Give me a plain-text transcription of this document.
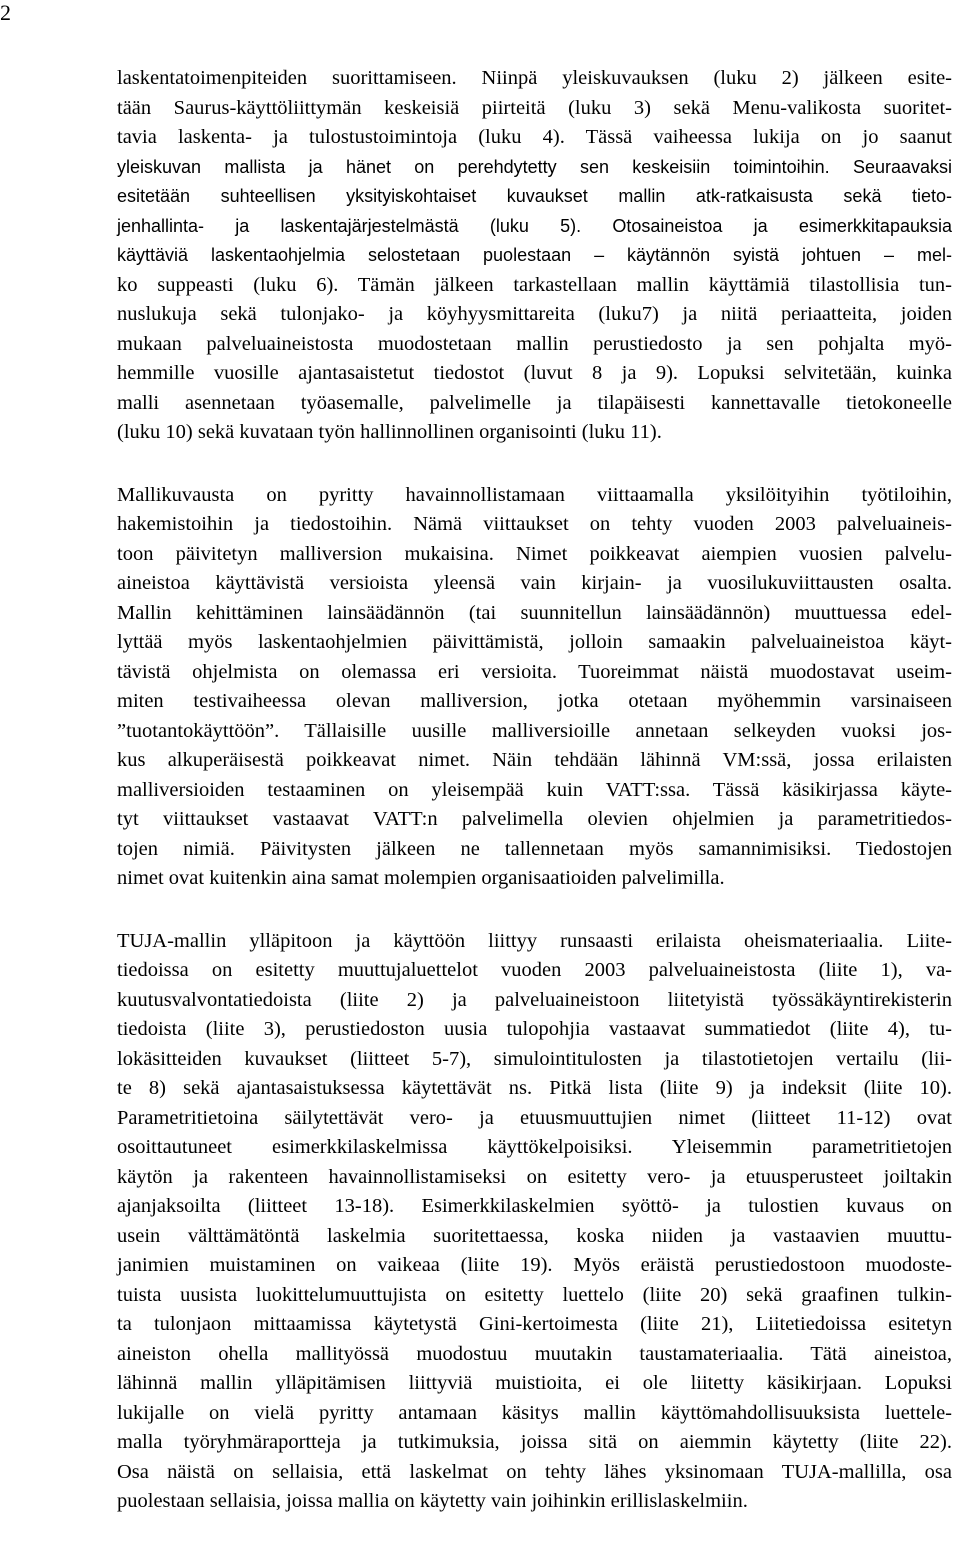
2
laskentatoimenpiteiden suorittamiseen. Niinpä yleiskuvauksen (luku 2) jälkeen esite-
tään Saurus-käyttöliittymän keskeisiä piirteitä (luku 3) sekä Menu-valikosta suoritet-
tavia laskenta- ja tulostustoimintoja (luku 4). Tässä vaiheessa lukija on jo saanut
yleiskuvan mallista ja hänet on perehdytetty sen keskeisiin toimintoihin. Seuraavaksi
esitetään suhteellisen yksityiskohtaiset kuvaukset mallin atk-ratkaisusta sekä tieto-
jenhallinta- ja laskentajärjestelmästä (luku 5). Otosaineistoa ja esimerkkitapauksia
käyttäviä laskentaohjelmia selostetaan puolestaan – käytännön syistä johtuen – mel-
ko suppeasti (luku 6). Tämän jälkeen tarkastellaan mallin käyttämiä tilastollisia tun-
nuslukuja sekä tulonjako- ja köyhyysmittareita (luku7) ja niitä periaatteita, joiden
mukaan palveluaineistosta muodostetaan mallin perustiedosto ja sen pohjalta myö-
hemmille vuosille ajantasaistetut tiedostot (luvut 8 ja 9). Lopuksi selvitetään, kuinka
malli asennetaan työasemalle, palvelimelle ja tilapäisesti kannettavalle tietokoneelle
(luku 10) sekä kuvataan työn hallinnollinen organisointi (luku 11).
Mallikuvausta on pyritty havainnollistamaan viittaamalla yksilöityihin työtiloihin,
hakemistoihin ja tiedostoihin. Nämä viittaukset on tehty vuoden 2003 palveluaineis-
toon päivitetyn malliversion mukaisina. Nimet poikkeavat aiempien vuosien palvelu-
aineistoa käyttävistä versioista yleensä vain kirjain- ja vuosilukuviittausten osalta.
Mallin kehittäminen lainsäädännön (tai suunnitellun lainsäädännön) muuttuessa edel-
lyttää myös laskentaohjelmien päivittämistä, jolloin samaakin palveluaineistoa käyt-
tävistä ohjelmista on olemassa eri versioita. Tuoreimmat näistä muodostavat useim-
miten testivaiheessa olevan malliversion, jotka otetaan myöhemmin varsinaiseen
”tuotantokäyttöön”. Tällaisille uusille malliversioille annetaan selkeyden vuoksi jos-
kus alkuperäisestä poikkeavat nimet. Näin tehdään lähinnä VM:ssä, jossa erilaisten
malliversioiden testaaminen on yleisempää kuin VATT:ssa. Tässä käsikirjassa käyte-
tyt viittaukset vastaavat VATT:n palvelimella olevien ohjelmien ja parametritiedos-
tojen nimiä. Päivitysten jälkeen ne tallennetaan myös samannimisiksi. Tiedostojen
nimet ovat kuitenkin aina samat molempien organisaatioiden palvelimilla.
TUJA-mallin ylläpitoon ja käyttöön liittyy runsaasti erilaista oheismateriaalia. Liite-
tiedoissa on esitetty muuttujaluettelot vuoden 2003 palveluaineistosta (liite 1), va-
kuutusvalvontatiedoista (liite 2) ja palveluaineistoon liitetyistä työssäkäyntirekisterin
tiedoista (liite 3), perustiedoston uusia tulopohjia vastaavat summatiedot (liite 4), tu-
lokäsitteiden kuvaukset (liitteet 5-7), simulointitulosten ja tilastotietojen vertailu (lii-
te 8) sekä ajantasaistuksessa käytettävät ns. Pitkä lista (liite 9) ja indeksit (liite 10).
Parametritietoina säilytettävät vero- ja etuusmuuttujien nimet (liitteet 11-12) ovat
osoittautuneet esimerkkilaskelmissa käyttökelpoisiksi. Yleisemmin parametritietojen
käytön ja rakenteen havainnollistamiseksi on esitetty vero- ja etuusperusteet joiltakin
ajanjaksoilta (liitteet 13-18). Esimerkkilaskelmien syöttö- ja tulostien kuvaus on
usein välttämätöntä laskelmia suoritettaessa, koska niiden ja vastaavien muuttu-
janimien muistaminen on vaikeaa (liite 19). Myös eräistä perustiedostoon muodoste-
tuista uusista luokittelumuuttujista on esitetty luettelo (liite 20) sekä graafinen tulkin-
ta tulonjaon mittaamissa käytetystä Gini-kertoimesta (liite 21), Liitetiedoissa esitetyn
aineiston ohella mallityössä muodostuu muutakin taustamateriaalia. Tätä aineistoa,
lähinnä mallin ylläpitämisen liittyviä muistioita, ei ole liitetty käsikirjaan. Lopuksi
lukijalle on vielä pyritty antamaan käsitys mallin käyttömahdollisuuksista luettele-
malla työryhmäraportteja ja tutkimuksia, joissa sitä on aiemmin käytetty (liite 22).
Osa näistä on sellaisia, että laskelmat on tehty lähes yksinomaan TUJA-mallilla, osa
puolestaan sellaisia, joissa mallia on käytetty vain joihinkin erillislaskelmiin.
